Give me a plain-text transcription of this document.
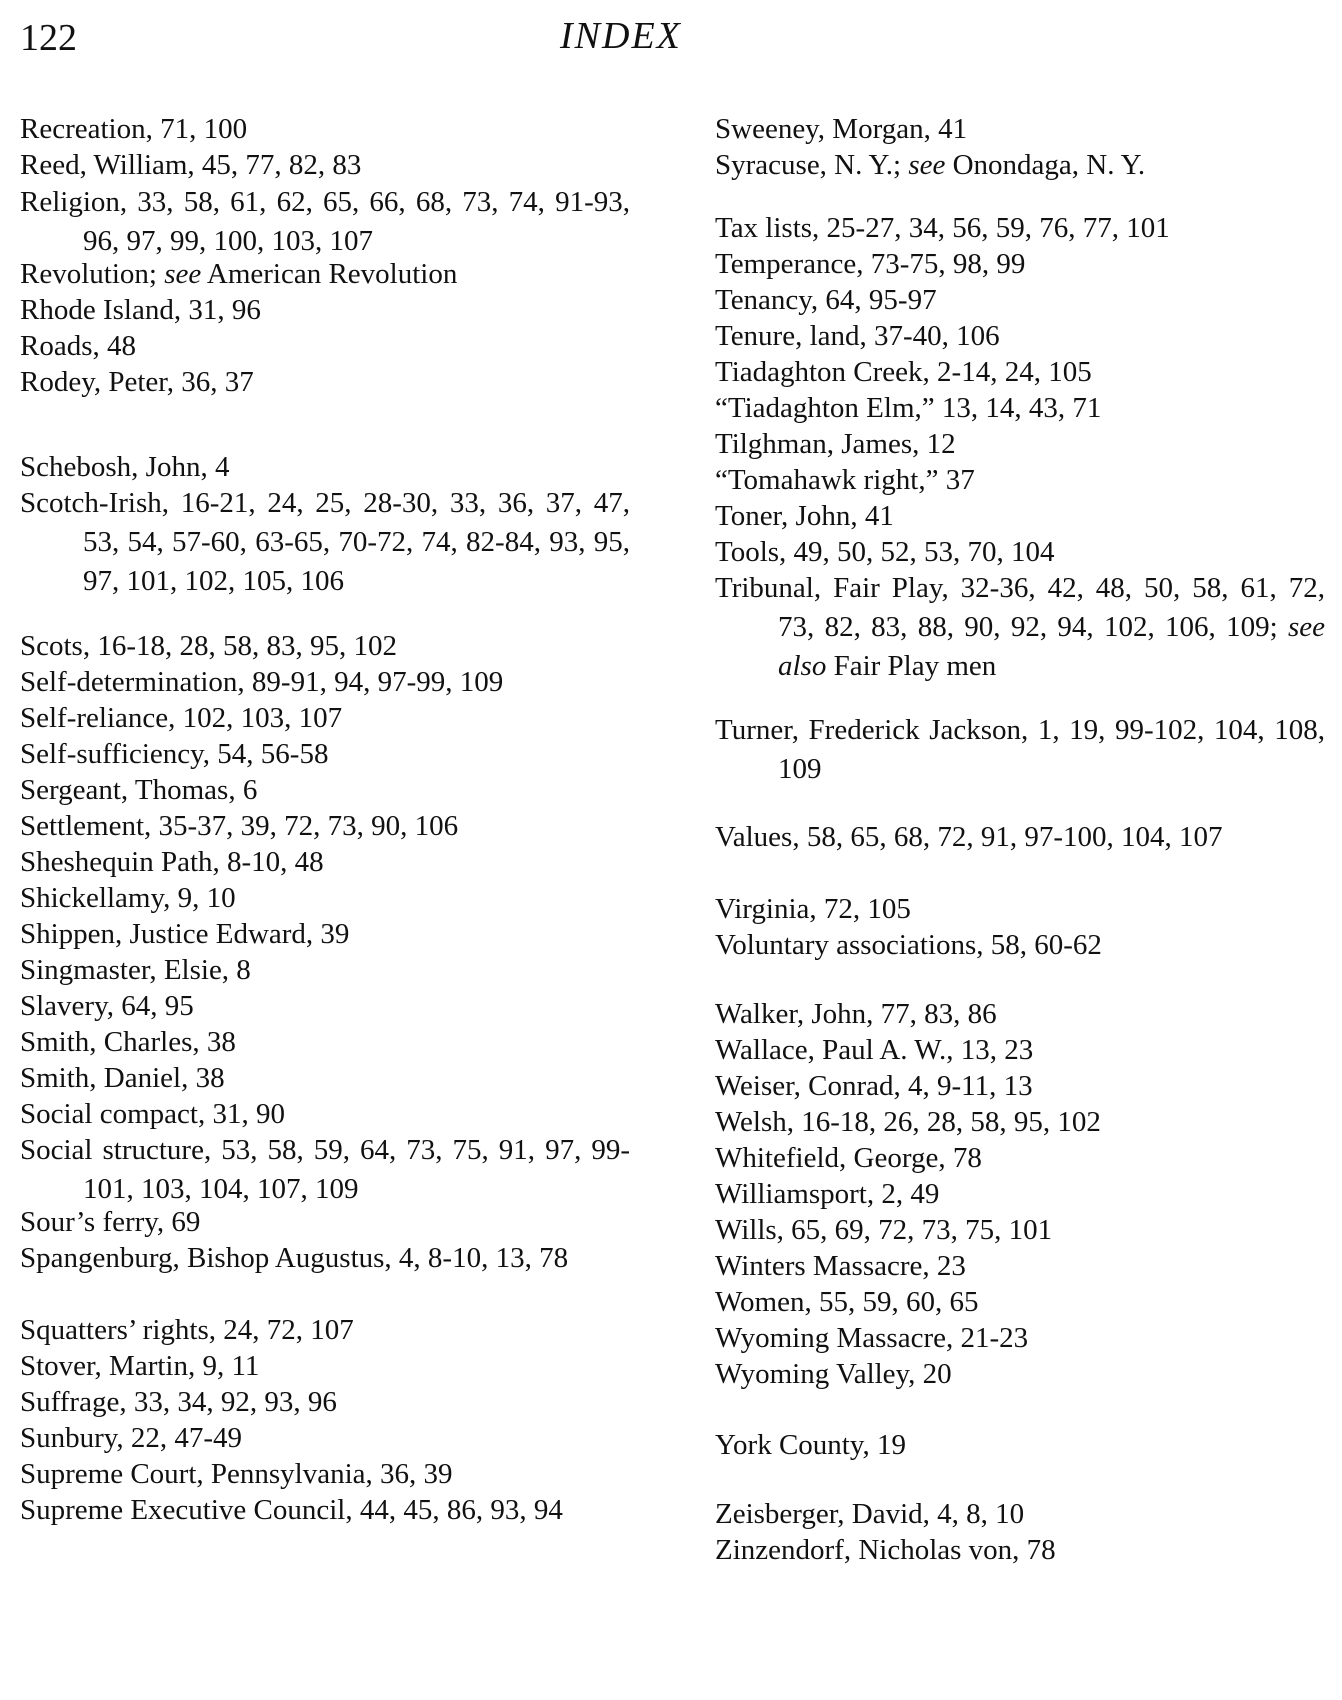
122	INDEX
Recreation, 71, 100
Reed, William, 45, 77, 82, 83
Religion, 33, 58, 61, 62, 65, 66, 68, 73, 74, 91-93, 96, 97, 99, 100, 103, 107
Revolution; see American Revolution
Rhode Island, 31, 96
Roads, 48
Rodey, Peter, 36, 37
Schebosh, John, 4
Scotch-Irish, 16-21, 24, 25, 28-30, 33, 36, 37, 47, 53, 54, 57-60, 63-65, 70-72, 74, 82-84, 93, 95, 97, 101, 102, 105, 106
Scots, 16-18, 28, 58, 83, 95, 102
Self-determination, 89-91, 94, 97-99, 109
Self-reliance, 102, 103, 107
Self-sufficiency, 54, 56-58
Sergeant, Thomas, 6
Settlement, 35-37, 39, 72, 73, 90, 106
Sheshequin Path, 8-10, 48
Shickellamy, 9, 10
Shippen, Justice Edward, 39
Singmaster, Elsie, 8
Slavery, 64, 95
Smith, Charles, 38
Smith, Daniel, 38
Social compact, 31, 90
Social structure, 53, 58, 59, 64, 73, 75, 91, 97, 99-101, 103, 104, 107, 109
Sour’s ferry, 69
Spangenburg, Bishop Augustus, 4, 8-10, 13, 78
Squatters’ rights, 24, 72, 107
Stover, Martin, 9, 11
Suffrage, 33, 34, 92, 93, 96
Sunbury, 22, 47-49
Supreme Court, Pennsylvania, 36, 39
Supreme Executive Council, 44, 45, 86, 93, 94
Sweeney, Morgan, 41
Syracuse, N. Y.; see Onondaga, N. Y.
Tax lists, 25-27, 34, 56, 59, 76, 77, 101
Temperance, 73-75, 98, 99
Tenancy, 64, 95-97
Tenure, land, 37-40, 106
Tiadaghton Creek, 2-14, 24, 105
“Tiadaghton Elm,” 13, 14, 43, 71
Tilghman, James, 12
“Tomahawk right,” 37
Toner, John, 41
Tools, 49, 50, 52, 53, 70, 104
Tribunal, Fair Play, 32-36, 42, 48, 50, 58, 61, 72, 73, 82, 83, 88, 90, 92, 94, 102, 106, 109; see also Fair Play men
Turner, Frederick Jackson, 1, 19, 99-102, 104, 108, 109
Values, 58, 65, 68, 72, 91, 97-100, 104, 107
Virginia, 72, 105
Voluntary associations, 58, 60-62
Walker, John, 77, 83, 86
Wallace, Paul A. W., 13, 23
Weiser, Conrad, 4, 9-11, 13
Welsh, 16-18, 26, 28, 58, 95, 102
Whitefield, George, 78
Williamsport, 2, 49
Wills, 65, 69, 72, 73, 75, 101
Winters Massacre, 23
Women, 55, 59, 60, 65
Wyoming Massacre, 21-23
Wyoming Valley, 20
York County, 19
Zeisberger, David, 4, 8, 10
Zinzendorf, Nicholas von, 78
